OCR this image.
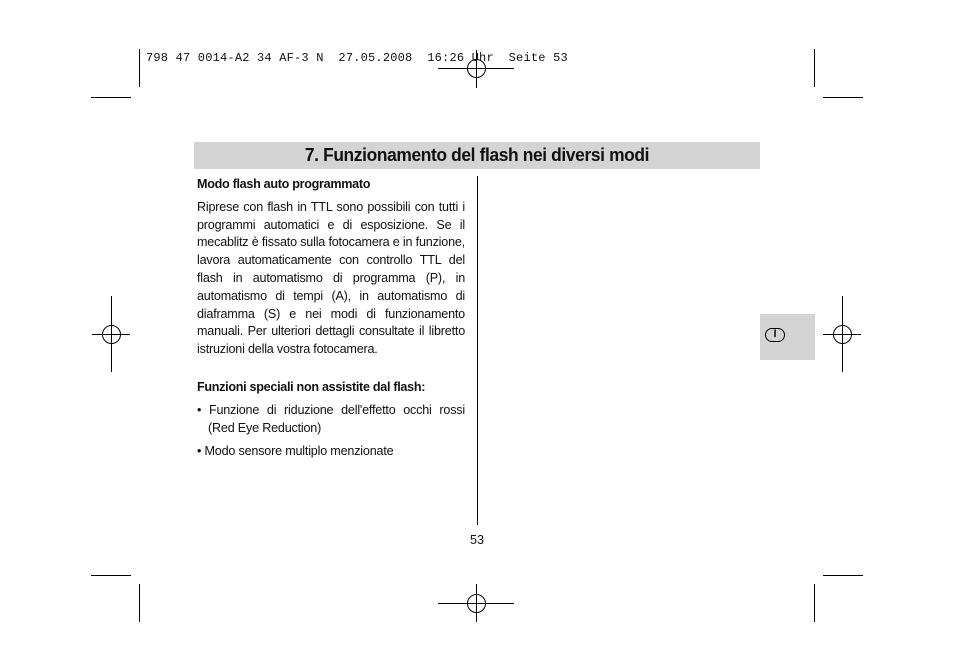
798 47 0014-A2 34 AF-3 N  27.05.2008  16:26 Uhr  Seite 53
7. Funzionamento del flash nei diversi modi
Modo flash auto programmato

Riprese con flash in TTL sono possibili con tutti i programmi automatici e di esposizione. Se il mecablitz è fissato sulla fotocamera e in funzione, lavora automaticamente con controllo TTL del flash in automatismo di programma (P), in automatismo di tempi (A), in automatismo di diaframma (S) e nei modi di funzionamento manuali. Per ulteriori dettagli consultate il libretto istruzioni della vostra fotocamera.

Funzioni speciali non assistite dal flash:

• Funzione di riduzione dell'effetto occhi rossi (Red Eye Reduction)

• Modo sensore multiplo menzionate

53
I
